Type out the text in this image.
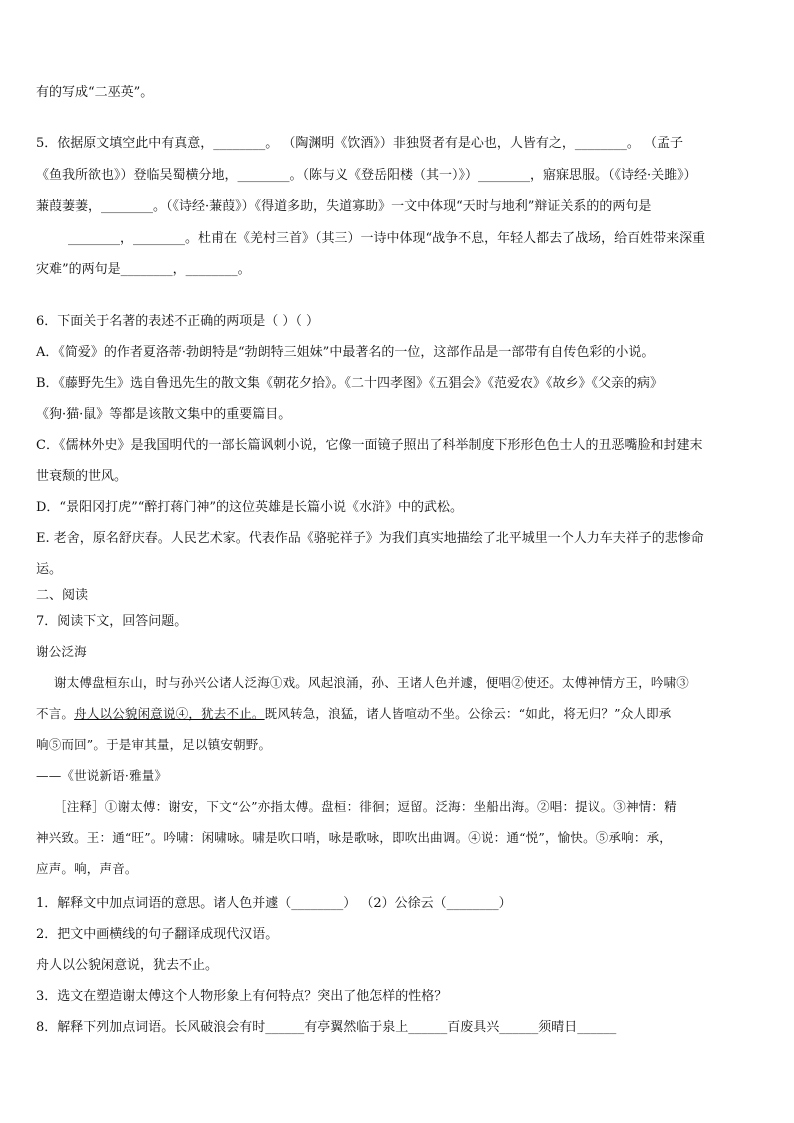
有的写成“二巫英”。
5．依据原文填空此中有真意，________。 （陶渊明《饮酒》）非独贤者有是心也，人皆有之，________。 （孟子
《鱼我所欲也》）登临吴蜀横分地，________。（陈与义《登岳阳楼（其一）》）________，寤寐思服。（《诗经·关雎》）
蒹葭萋萋，________。（《诗经·蒹葭》）《得道多助，失道寡助》一文中体现“天时与地利”辩证关系的的两句是
________，________。杜甫在《羌村三首》（其三）一诗中体现“战争不息，年轻人都去了战场，给百姓带来深重
灾难”的两句是________，________。
6．下面关于名著的表述不正确的两项是（ ）（ ）
A．《简爱》的作者夏洛蒂·勃朗特是“勃朗特三姐妹”中最著名的一位，这部作品是一部带有自传色彩的小说。
B．《藤野先生》选自鲁迅先生的散文集《朝花夕拾》。《二十四孝图》《五猖会》《范爱农》《故乡》《父亲的病》
《狗·猫·鼠》等都是该散文集中的重要篇目。
C．《儒林外史》是我国明代的一部长篇讽刺小说，它像一面镜子照出了科举制度下形形色色士人的丑恶嘴脸和封建末
世衰颓的世风。
D．“景阳冈打虎”“醉打蒋门神”的这位英雄是长篇小说《水浒》中的武松。
E. 老舍，原名舒庆春。人民艺术家。代表作品《骆驼祥子》为我们真实地描绘了北平城里一个人力车夫祥子的悲惨命
运。
二、阅读
7．阅读下文，回答问题。
谢公泛海
谢太傅盘桓东山，时与孙兴公诸人泛海①戏。风起浪涌，孙、王诸人色并遽，便唱②使还。太傅神情方王，吟啸③
不言。舟人以公貌闲意说④，犹去不止。既风转急，浪猛，诸人皆喧动不坐。公徐云：“如此，将无归？”众人即承
响⑤而回”。于是审其量，足以镇安朝野。
——《世说新语·雅量》
［注释］①谢太傅：谢安，下文“公”亦指太傅。盘桓：徘徊；逗留。泛海：坐船出海。②唱：提议。③神情：精
神兴致。王：通“旺”。吟啸：闲啸咏。啸是吹口哨，咏是歌咏，即吹出曲调。④说：通“悦”，愉快。⑤承响：承，
应声。响，声音。
1．解释文中加点词语的意思。诸人色并遽（________） （2）公徐云（________）
2．把文中画横线的句子翻译成现代汉语。
舟人以公貌闲意说，犹去不止。
3．选文在塑造谢太傅这个人物形象上有何特点？突出了他怎样的性格？
8．解释下列加点词语。长风破浪会有时______有亭翼然临于泉上______百废具兴______须晴日______
